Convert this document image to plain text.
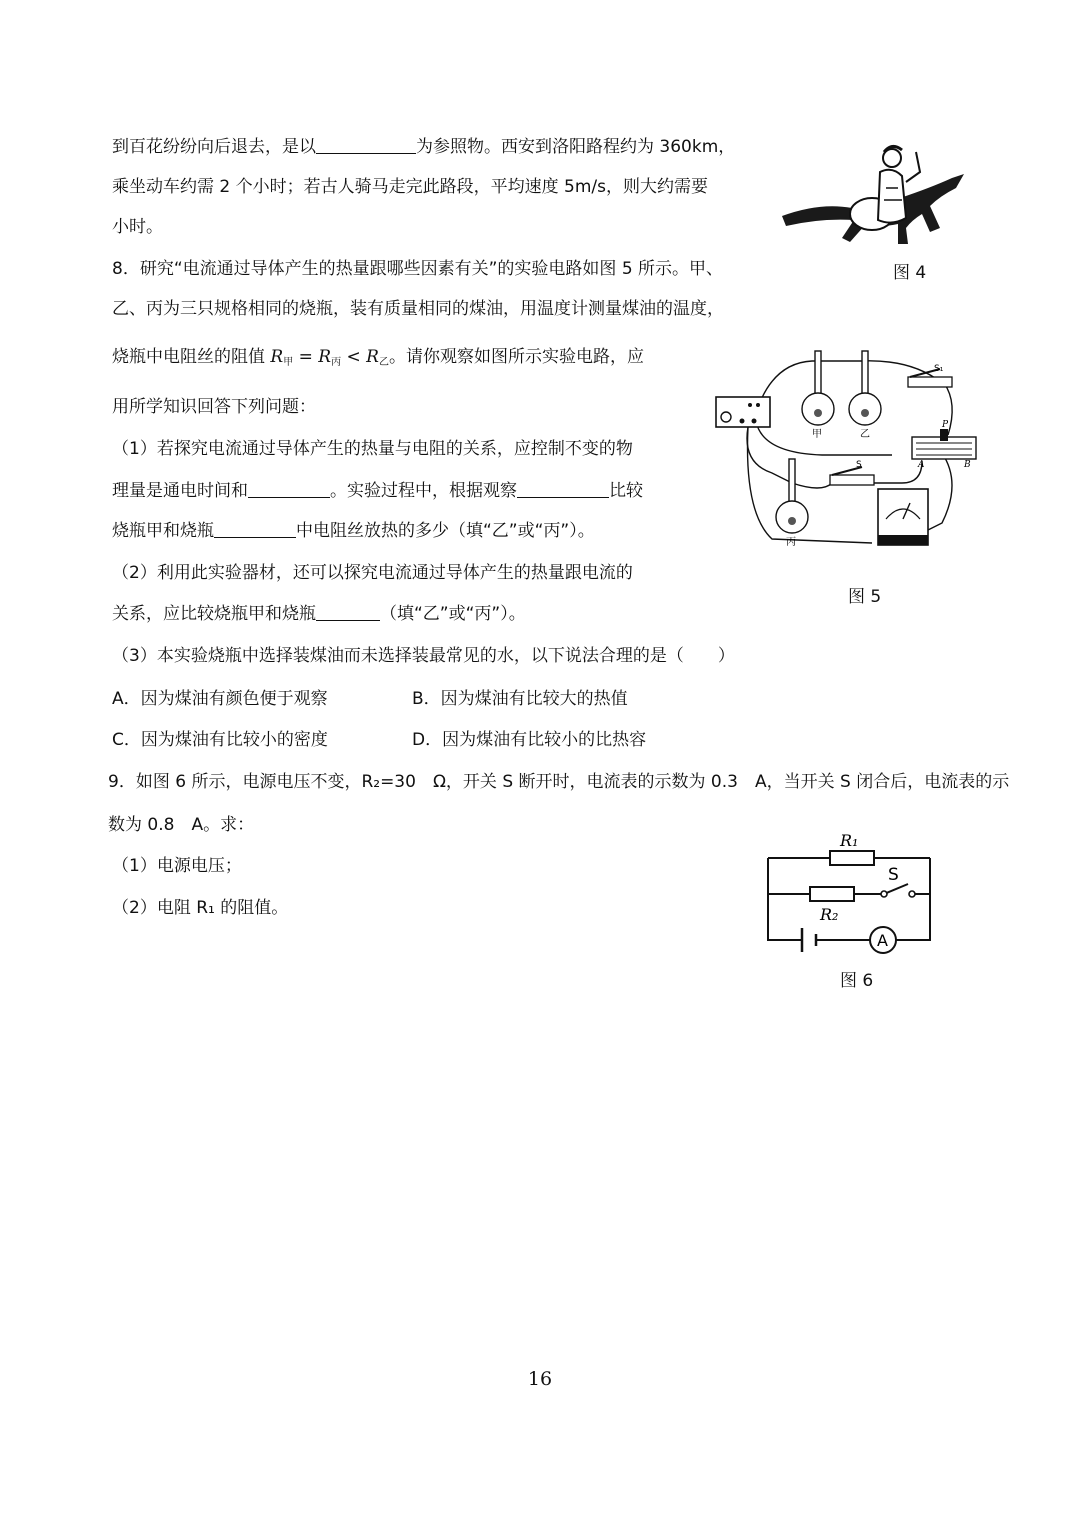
到百花纷纷向后退去，是以	为参照物。西安到洛阳路程约为 360km，
乘坐动车约需 2 个小时；若古人骑马走完此路段，平均速度 5m/s，则大约需要
小时。
图 4
8．研究“电流通过导体产生的热量跟哪些因素有关”的实验电路如图 5 所示。甲、
乙、丙为三只规格相同的烧瓶，装有质量相同的煤油，用温度计测量煤油的温度，
烧瓶中电阻丝的阻值 $R_甲 = R_丙 < R_乙$。请你观察如图所示实验电路，应
用所学知识回答下列问题：
（1）若探究电流通过导体产生的热量与电阻的关系，应控制不变的物
理量是通电时间和	。实验过程中，根据观察	比较
烧瓶甲和烧瓶	中电阻丝放热的多少（填“乙”或“丙”）。
（2）利用此实验器材，还可以探究电流通过导体产生的热量跟电流的
关系，应比较烧瓶甲和烧瓶	（填“乙”或“丙”）。
（3）本实验烧瓶中选择装煤油而未选择装最常见的水，以下说法合理的是（　　）
A．因为煤油有颜色便于观察	B．因为煤油有比较大的热值
C．因为煤油有比较小的密度	D．因为煤油有比较小的比热容
甲	乙
丙
S₁
S
P
A	B
图 5
9．如图 6 所示，电源电压不变，R₂=30　Ω，开关 S 断开时，电流表的示数为 0.3　A，当开关 S 闭合后，电流表的示
数为 0.8　A。求：
（1）电源电压；
（2）电阻 R₁ 的阻值。
A
R₁
R₂
S
图 6
16
